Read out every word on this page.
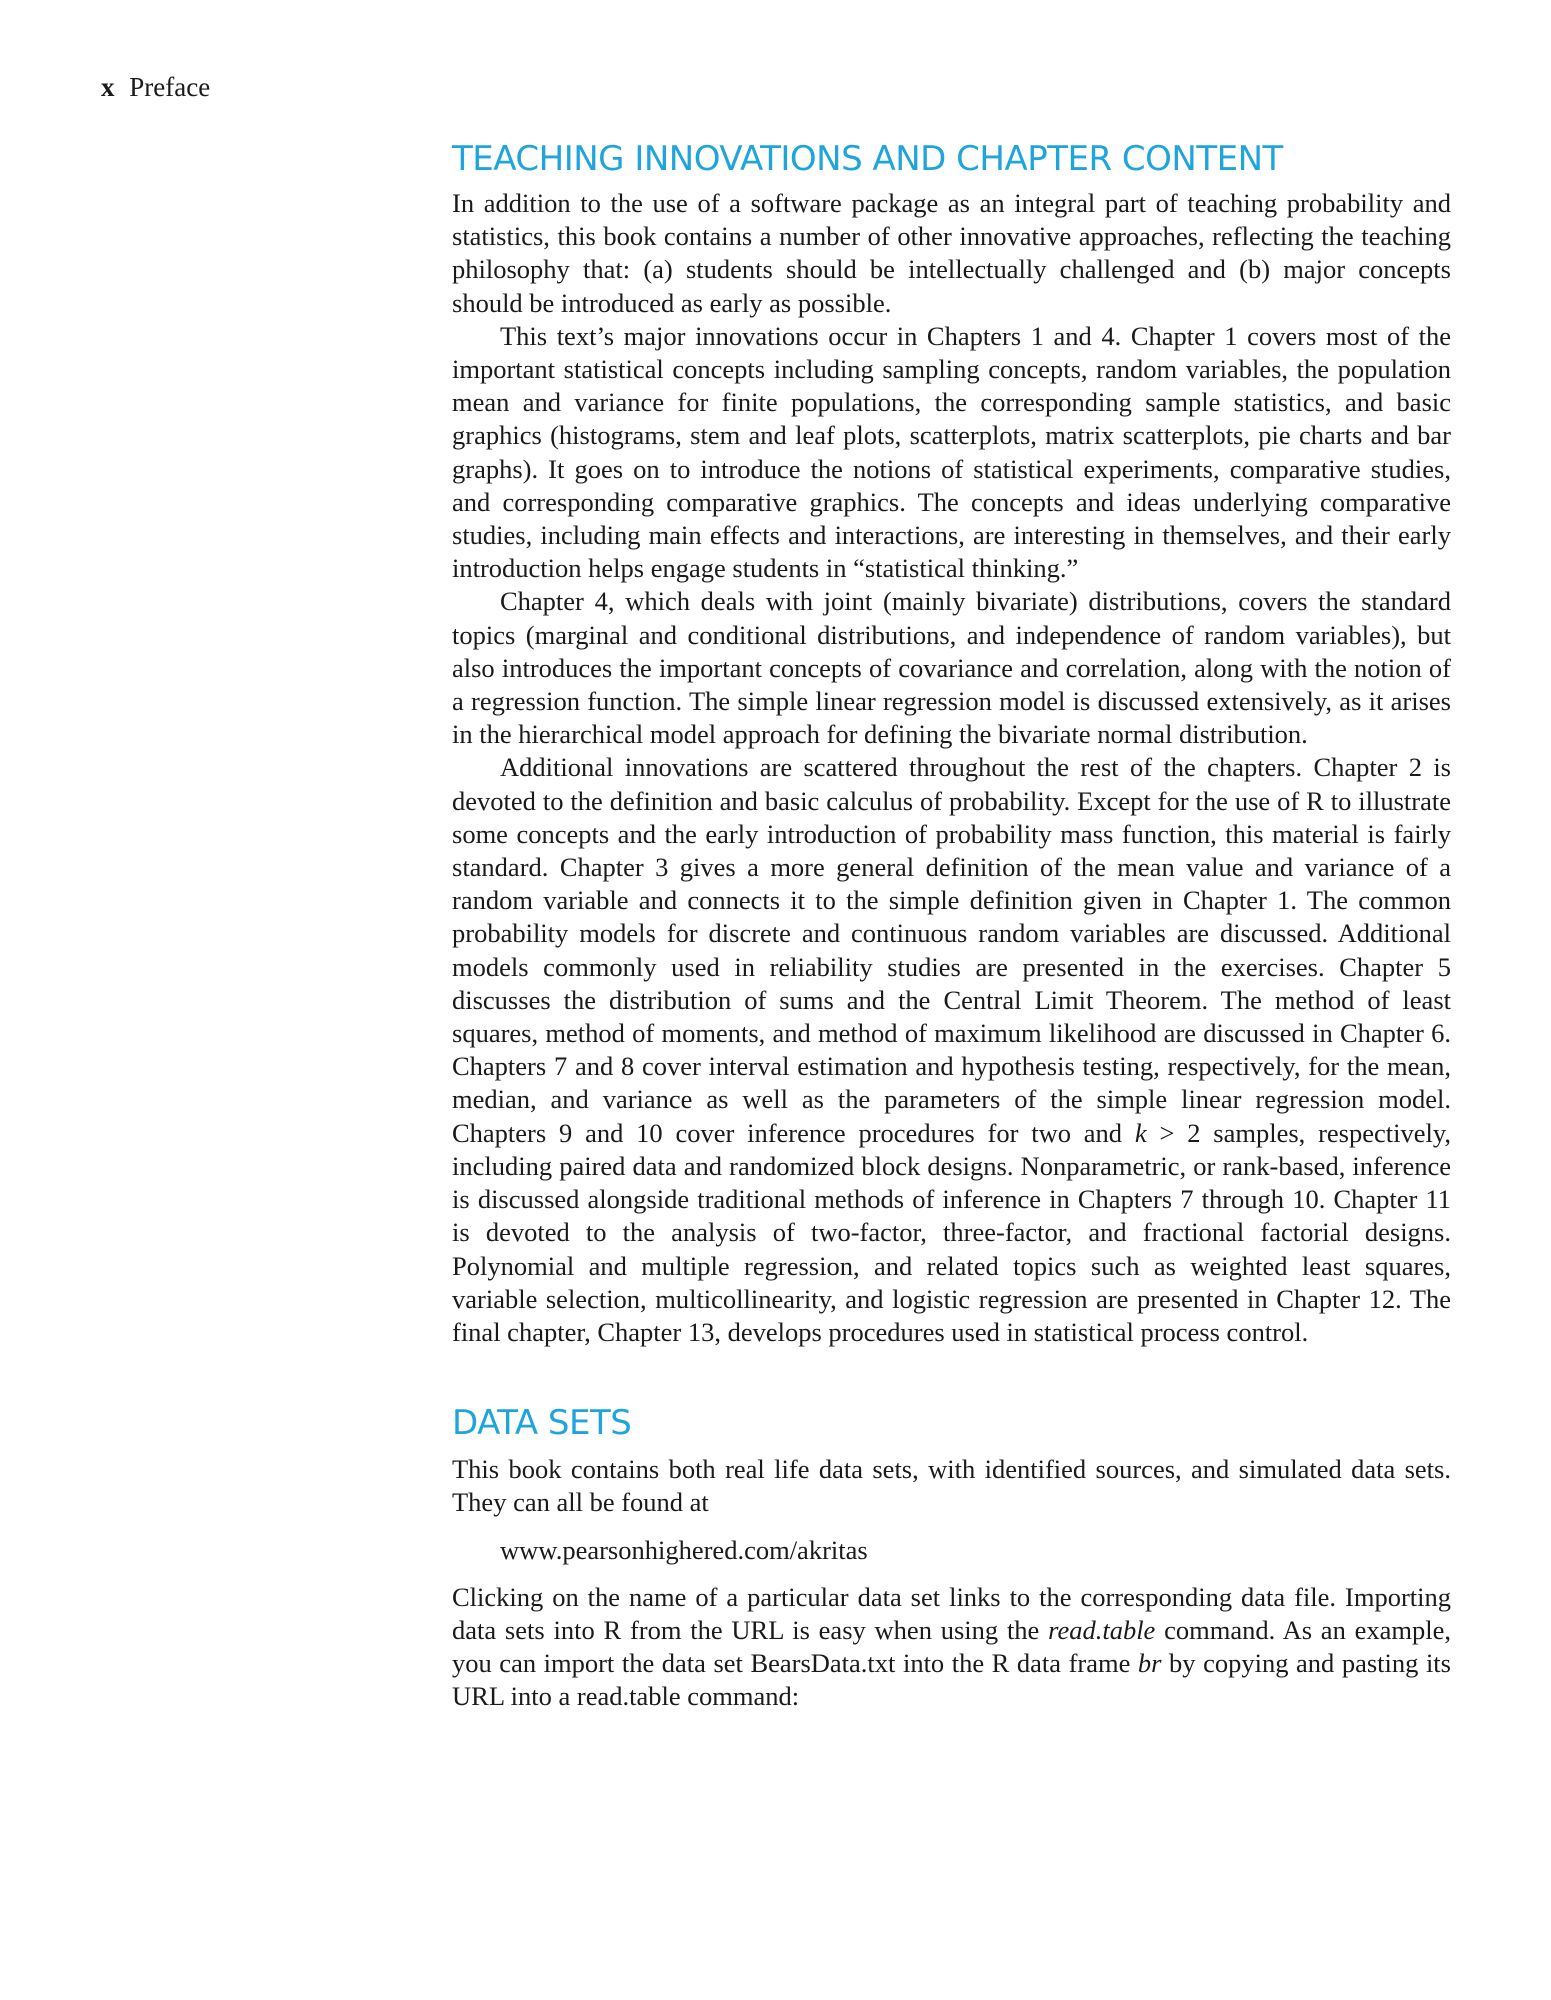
x Preface
TEACHING INNOVATIONS AND CHAPTER CONTENT

In addition to the use of a software package as an integral part of teaching probability and statistics, this book contains a number of other innovative approaches, reflecting the teaching philosophy that: (a) students should be intellectually challenged and (b) major concepts should be introduced as early as possible.

This text’s major innovations occur in Chapters 1 and 4. Chapter 1 covers most of the important statistical concepts including sampling concepts, random variables, the population mean and variance for finite populations, the corresponding sample statistics, and basic graphics (histograms, stem and leaf plots, scatterplots, matrix scatterplots, pie charts and bar graphs). It goes on to introduce the notions of statistical experiments, comparative studies, and corresponding comparative graphics. The concepts and ideas underlying comparative studies, including main effects and interactions, are interesting in themselves, and their early introduction helps engage students in “statistical thinking.”

Chapter 4, which deals with joint (mainly bivariate) distributions, covers the standard topics (marginal and conditional distributions, and independence of random variables), but also introduces the important concepts of covariance and correlation, along with the notion of a regression function. The simple linear regression model is discussed extensively, as it arises in the hierarchical model approach for defining the bivariate normal distribution.

Additional innovations are scattered throughout the rest of the chapters. Chapter 2 is devoted to the definition and basic calculus of probability. Except for the use of R to illustrate some concepts and the early introduction of probability mass function, this material is fairly standard. Chapter 3 gives a more general definition of the mean value and variance of a random variable and connects it to the simple definition given in Chapter 1. The common probability models for discrete and continuous random variables are discussed. Additional models commonly used in reliability studies are presented in the exercises. Chapter 5 discusses the distribution of sums and the Central Limit Theorem. The method of least squares, method of moments, and method of maximum likelihood are discussed in Chapter 6. Chapters 7 and 8 cover interval estimation and hypothesis testing, respectively, for the mean, median, and variance as well as the parameters of the simple linear regression model. Chapters 9 and 10 cover inference procedures for two and k > 2 samples, respectively, including paired data and randomized block designs. Nonparametric, or rank-based, inference is discussed alongside traditional methods of inference in Chapters 7 through 10. Chapter 11 is devoted to the analysis of two-factor, three-factor, and fractional factorial designs. Polynomial and multiple regression, and related topics such as weighted least squares, variable selection, multicollinearity, and logistic regression are presented in Chapter 12. The final chapter, Chapter 13, develops procedures used in statistical process control.

DATA SETS

This book contains both real life data sets, with identified sources, and simulated data sets. They can all be found at

www.pearsonhighered.com/akritas

Clicking on the name of a particular data set links to the corresponding data file. Importing data sets into R from the URL is easy when using the read.table command. As an example, you can import the data set BearsData.txt into the R data frame br by copying and pasting its URL into a read.table command:
